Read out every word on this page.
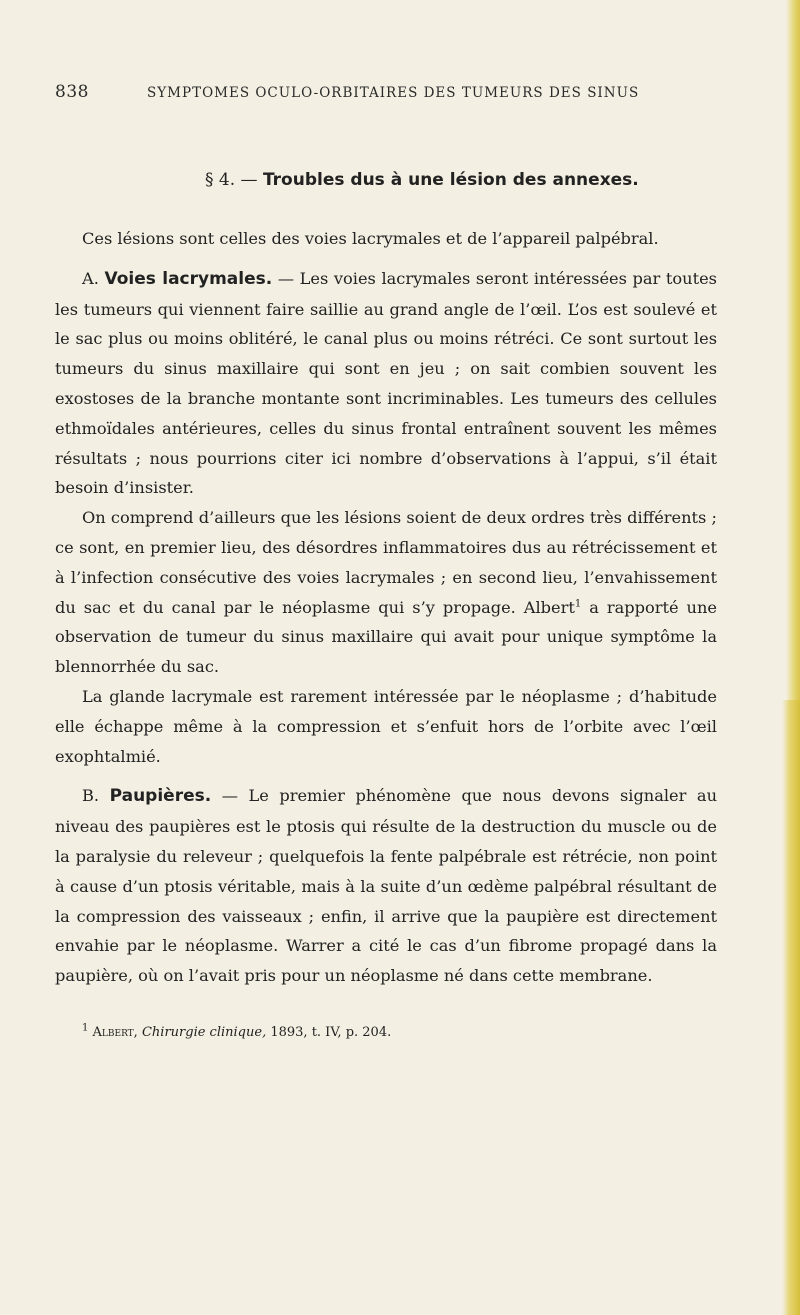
838	SYMPTOMES OCULO-ORBITAIRES DES TUMEURS DES SINUS
§ 4. — Troubles dus à une lésion des annexes.

Ces lésions sont celles des voies lacrymales et de l’appareil palpébral.

A. Voies lacrymales. — Les voies lacrymales seront intéressées par toutes les tumeurs qui viennent faire saillie au grand angle de l’œil. L’os est soulevé et le sac plus ou moins oblitéré, le canal plus ou moins rétréci. Ce sont surtout les tumeurs du sinus maxillaire qui sont en jeu ; on sait combien souvent les exostoses de la branche montante sont incriminables. Les tumeurs des cellules ethmoïdales antérieures, celles du sinus frontal entraînent souvent les mêmes résultats ; nous pourrions citer ici nombre d’observations à l’appui, s’il était besoin d’insister.

On comprend d’ailleurs que les lésions soient de deux ordres très différents ; ce sont, en premier lieu, des désordres inflammatoires dus au rétrécissement et à l’infection consécutive des voies lacrymales ; en second lieu, l’envahissement du sac et du canal par le néoplasme qui s’y propage. Albert$^1$ a rapporté une observation de tumeur du sinus maxillaire qui avait pour unique symptôme la blennorrhée du sac.

La glande lacrymale est rarement intéressée par le néoplasme ; d’habitude elle échappe même à la compression et s’enfuit hors de l’orbite avec l’œil exophtalmié.

B. Paupières. — Le premier phénomène que nous devons signaler au niveau des paupières est le ptosis qui résulte de la destruction du muscle ou de la paralysie du releveur ; quelquefois la fente palpébrale est rétrécie, non point à cause d’un ptosis véritable, mais à la suite d’un œdème palpébral résultant de la compression des vaisseaux ; enfin, il arrive que la paupière est directement envahie par le néoplasme. Warrer a cité le cas d’un fibrome propagé dans la paupière, où on l’avait pris pour un néoplasme né dans cette membrane.

$^1$ Albert, Chirurgie clinique, 1893, t. IV, p. 204.
